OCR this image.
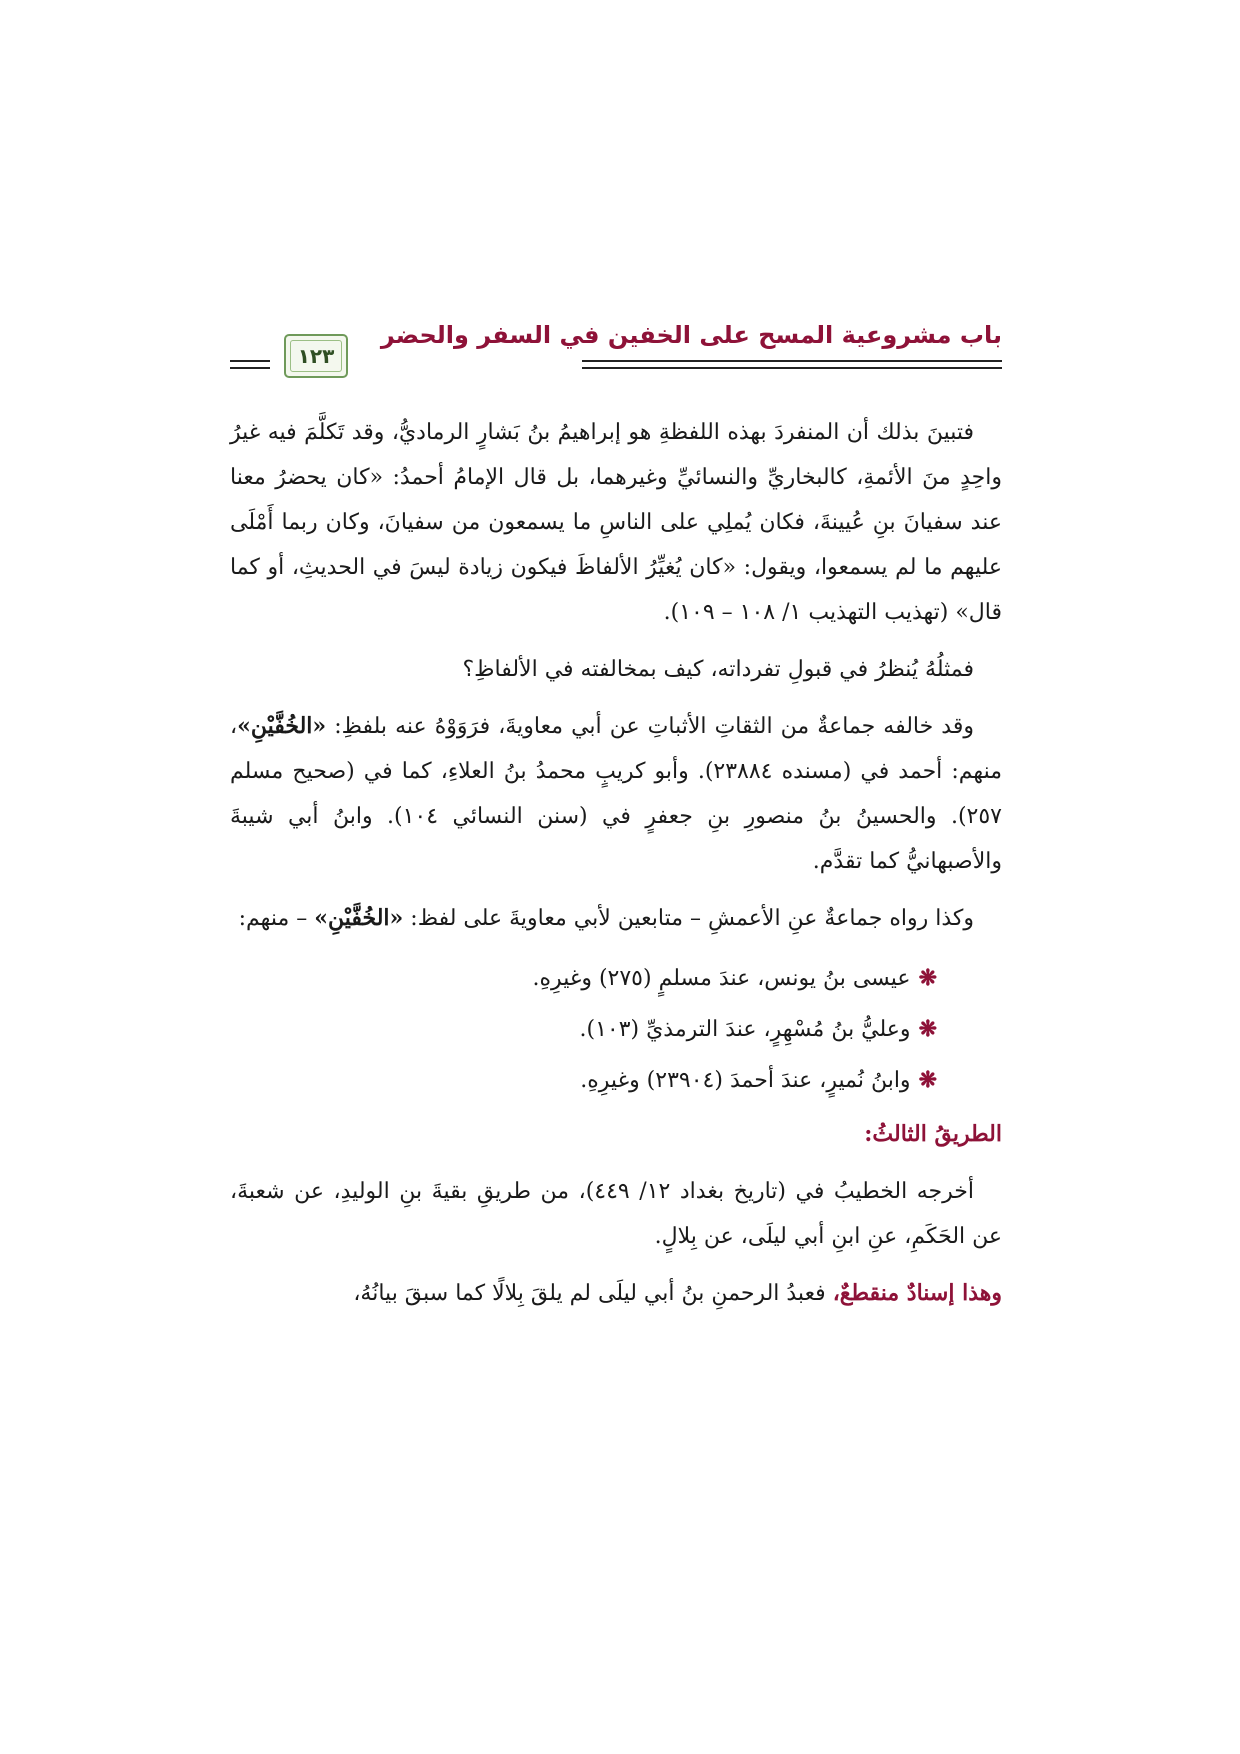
باب مشروعية المسح على الخفين في السفر والحضر
١٢٣

فتبينَ بذلك أن المنفردَ بهذه اللفظةِ هو إبراهيمُ بنُ بَشارٍ الرماديُّ، وقد تَكلَّمَ فيه غيرُ واحِدٍ منَ الأئمةِ، كالبخاريِّ والنسائيِّ وغيرهما، بل قال الإمامُ أحمدُ: «كان يحضرُ معنا عند سفيانَ بنِ عُيينةَ، فكان يُملِي على الناسِ ما يسمعون من سفيانَ، وكان ربما أَمْلَى عليهم ما لم يسمعوا، ويقول: «كان يُغيِّرُ الألفاظَ فيكون زيادة ليسَ في الحديثِ، أو كما قال» (تهذيب التهذيب ١/ ١٠٨ – ١٠٩).

فمثلُهُ يُنظرُ في قبولِ تفرداته، كيف بمخالفته في الألفاظِ؟

وقد خالفه جماعةٌ من الثقاتِ الأثباتِ عن أبي معاويةَ، فرَوَوْهُ عنه بلفظِ: «الخُفَّيْنِ»، منهم: أحمد في (مسنده ٢٣٨٨٤). وأبو كريبٍ محمدُ بنُ العلاءِ، كما في (صحيح مسلم ٢٥٧). والحسينُ بنُ منصورِ بنِ جعفرٍ في (سنن النسائي ١٠٤). وابنُ أبي شيبةَ والأصبهانيُّ كما تقدَّم.

وكذا رواه جماعةٌ عنِ الأعمشِ – متابعين لأبي معاويةَ على لفظ: «الخُفَّيْنِ» – منهم:

❋عيسى بنُ يونس، عندَ مسلمٍ (٢٧٥) وغيرِهِ.
❋وعليُّ بنُ مُسْهِرٍ، عندَ الترمذيِّ (١٠٣).
❋وابنُ نُميرٍ، عندَ أحمدَ (٢٣٩٠٤) وغيرِهِ.
الطريقُ الثالثُ:

أخرجه الخطيبُ في (تاريخ بغداد ١٢/ ٤٤٩)، من طريقِ بقيةَ بنِ الوليدِ، عن شعبةَ، عن الحَكَمِ، عنِ ابنِ أبي ليلَى، عن بِلالٍ.

وهذا إسنادٌ منقطعٌ، فعبدُ الرحمنِ بنُ أبي ليلَى لم يلقَ بِلالًا كما سبقَ بيانُهُ،
